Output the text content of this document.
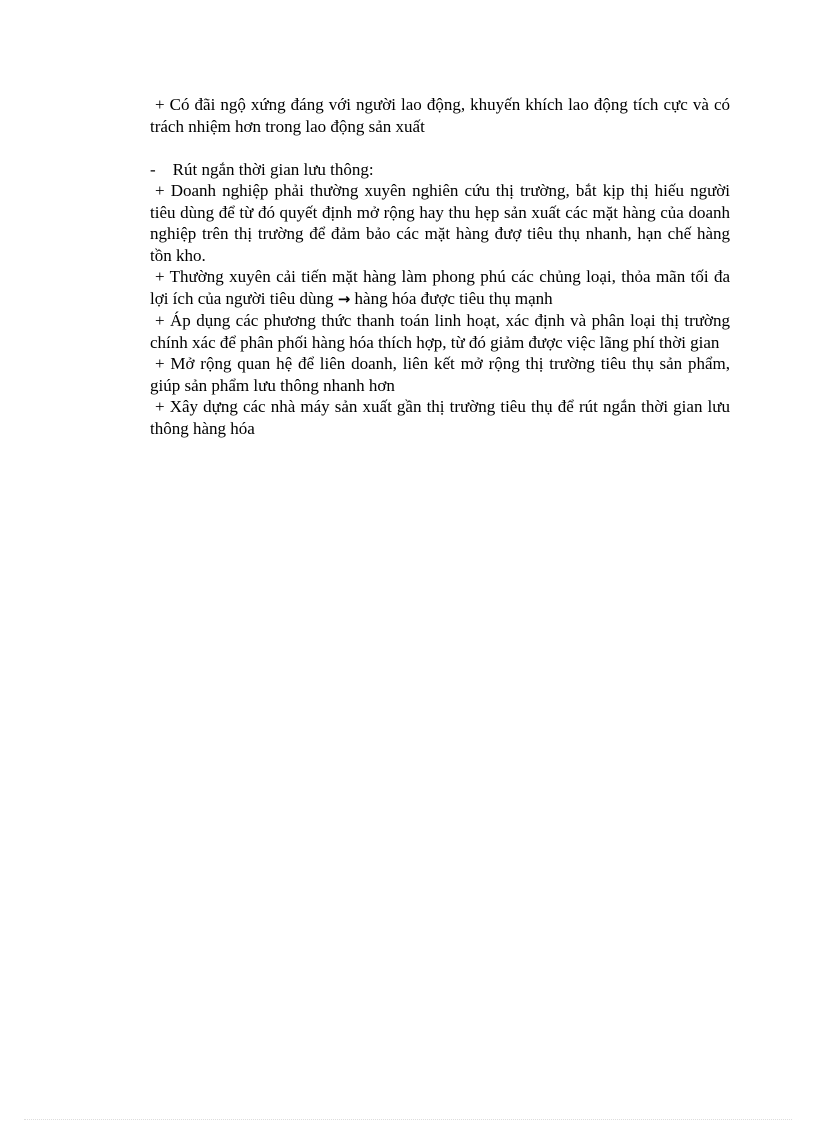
+ Có đãi ngộ xứng đáng với người lao động, khuyến khích lao động tích cực và có trách nhiệm hơn trong lao động sản xuất

- Rút ngắn thời gian lưu thông:

+ Doanh nghiệp phải thường xuyên nghiên cứu thị trường, bắt kịp thị hiếu người tiêu dùng để từ đó quyết định mở rộng hay thu hẹp sản xuất các mặt hàng của doanh nghiệp trên thị trường để đảm bảo các mặt hàng đượ tiêu thụ nhanh, hạn chế hàng tồn kho.

+ Thường xuyên cải tiến mặt hàng làm phong phú các chủng loại, thỏa mãn tối đa lợi ích của người tiêu dùng → hàng hóa được tiêu thụ mạnh

+ Áp dụng các phương thức thanh toán linh hoạt, xác định và phân loại thị trường chính xác để phân phối hàng hóa thích hợp, từ đó giảm được việc lãng phí thời gian

+ Mở rộng quan hệ để liên doanh, liên kết mở rộng thị trường tiêu thụ sản phẩm, giúp sản phẩm lưu thông nhanh hơn

+ Xây dựng các nhà máy sản xuất gần thị trường tiêu thụ để rút ngắn thời gian lưu thông hàng hóa
